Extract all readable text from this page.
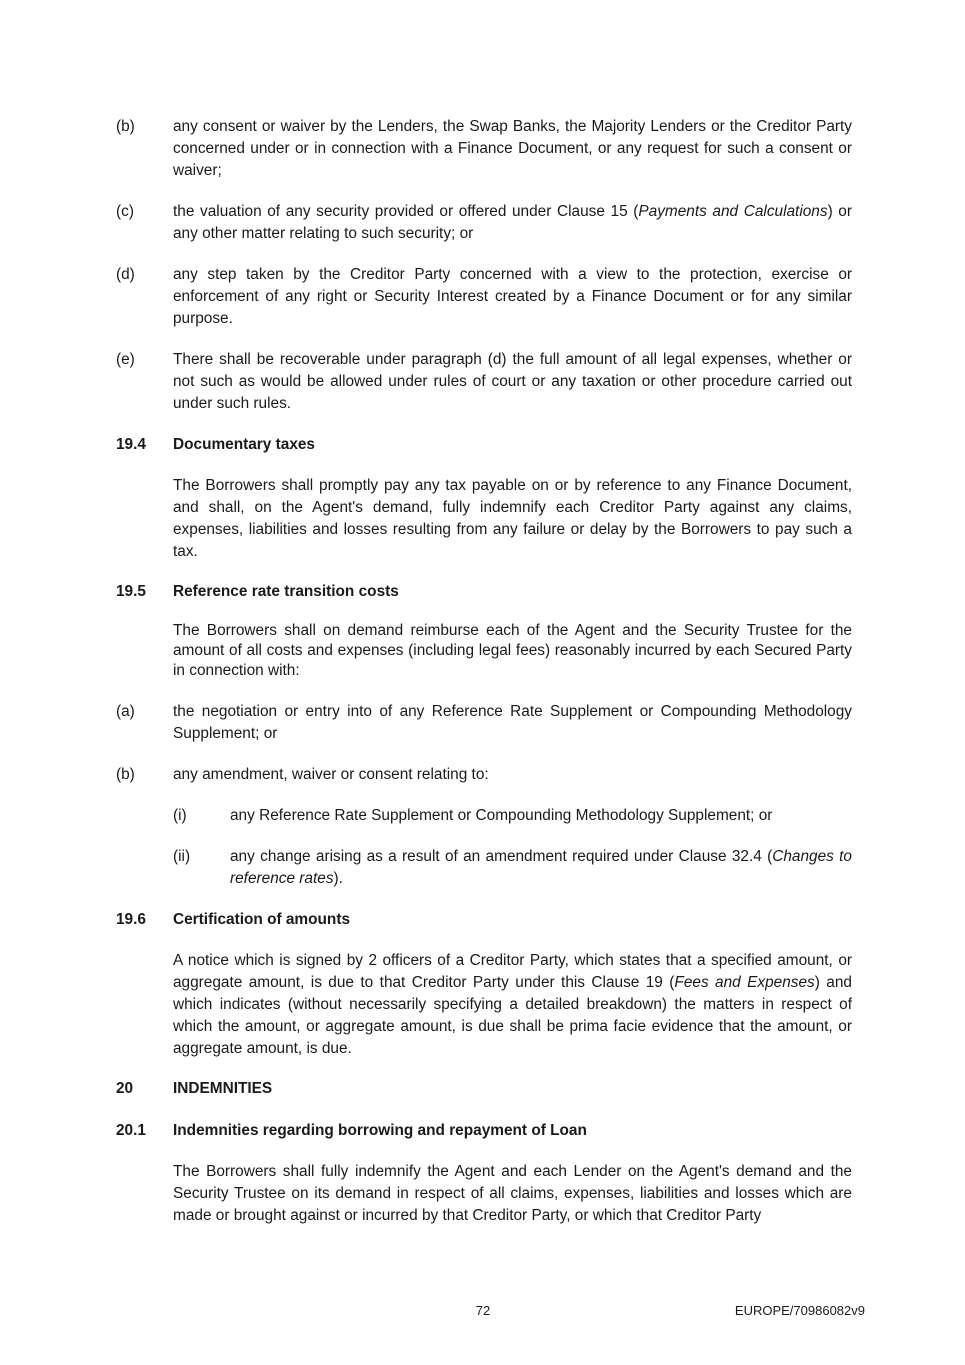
(b) any consent or waiver by the Lenders, the Swap Banks, the Majority Lenders or the Creditor Party concerned under or in connection with a Finance Document, or any request for such a consent or waiver;
(c)	the valuation of any security provided or offered under Clause 15 (Payments and Calculations) or any other matter relating to such security; or
(d) any step taken by the Creditor Party concerned with a view to the protection, exercise or enforcement of any right or Security Interest created by a Finance Document or for any similar purpose.
(e) There shall be recoverable under paragraph (d) the full amount of all legal expenses, whether or not such as would be allowed under rules of court or any taxation or other procedure carried out under such rules.
19.4 Documentary taxes
The Borrowers shall promptly pay any tax payable on or by reference to any Finance Document, and shall, on the Agent's demand, fully indemnify each Creditor Party against any claims, expenses, liabilities and losses resulting from any failure or delay by the Borrowers to pay such a tax.
19.5 Reference rate transition costs
The Borrowers shall on demand reimburse each of the Agent and the Security Trustee for the amount of all costs and expenses (including legal fees) reasonably incurred by each Secured Party in connection with:
(a) the negotiation or entry into of any Reference Rate Supplement or Compounding Methodology Supplement; or
(b) any amendment, waiver or consent relating to:
(i)	any Reference Rate Supplement or Compounding Methodology Supplement; or
(ii)	any change arising as a result of an amendment required under Clause 32.4 (Changes to reference rates).
19.6 Certification of amounts
A notice which is signed by 2 officers of a Creditor Party, which states that a specified amount, or aggregate amount, is due to that Creditor Party under this Clause 19 (Fees and Expenses) and which indicates (without necessarily specifying a detailed breakdown) the matters in respect of which the amount, or aggregate amount, is due shall be prima facie evidence that the amount, or aggregate amount, is due.
20	INDEMNITIES
20.1 Indemnities regarding borrowing and repayment of Loan
The Borrowers shall fully indemnify the Agent and each Lender on the Agent's demand and the Security Trustee on its demand in respect of all claims, expenses, liabilities and losses which are made or brought against or incurred by that Creditor Party, or which that Creditor Party
72	EUROPE/70986082v9
